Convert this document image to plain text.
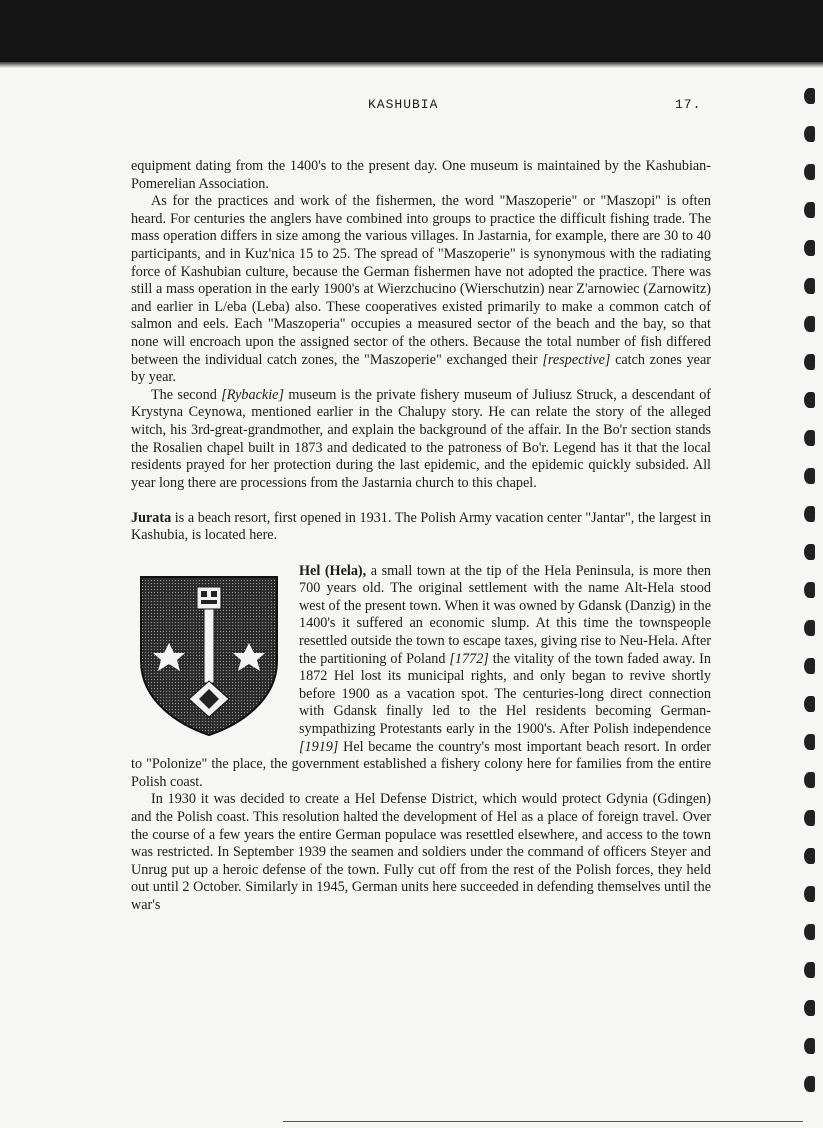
KASHUBIA	17.

equipment dating from the 1400's to the present day. One museum is maintained by the Kashubian-Pomerelian Association.

As for the practices and work of the fishermen, the word "Maszoperie" or "Maszopi" is often heard. For centuries the anglers have combined into groups to practice the difficult fishing trade. The mass operation differs in size among the various villages. In Jastarnia, for example, there are 30 to 40 participants, and in Kuz'nica 15 to 25. The spread of "Maszoperie" is synonymous with the radiating force of Kashubian culture, because the German fishermen have not adopted the practice. There was still a mass operation in the early 1900's at Wierzchucino (Wierschutzin) near Z'arnowiec (Zarnowitz) and earlier in L/eba (Leba) also. These cooperatives existed primarily to make a common catch of salmon and eels. Each "Maszoperia" occupies a measured sector of the beach and the bay, so that none will encroach upon the assigned sector of the others. Because the total number of fish differed between the individual catch zones, the "Maszoperie" exchanged their [respective] catch zones year by year.

The second [Rybackie] museum is the private fishery museum of Juliusz Struck, a descendant of Krystyna Ceynowa, mentioned earlier in the Chalupy story. He can relate the story of the alleged witch, his 3rd-great-grandmother, and explain the background of the affair. In the Bo'r section stands the Rosalien chapel built in 1873 and dedicated to the patroness of Bo'r. Legend has it that the local residents prayed for her protection during the last epidemic, and the epidemic quickly subsided. All year long there are processions from the Jastarnia church to this chapel.

Jurata is a beach resort, first opened in 1931. The Polish Army vacation center "Jantar", the largest in Kashubia, is located here.

Hel (Hela), a small town at the tip of the Hela Peninsula, is more then 700 years old. The original settlement with the name Alt-Hela stood west of the present town. When it was owned by Gdansk (Danzig) in the 1400's it suffered an economic slump. At this time the townspeople resettled outside the town to escape taxes, giving rise to Neu-Hela. After the partitioning of Poland [1772] the vitality of the town faded away. In 1872 Hel lost its municipal rights, and only began to revive shortly before 1900 as a vacation spot. The centuries-long direct connection with Gdansk finally led to the Hel residents becoming German-sympathizing Protestants early in the 1900's. After Polish independence [1919] Hel became the country's most important beach resort. In order to "Polonize" the place, the government established a fishery colony here for families from the entire Polish coast.

In 1930 it was decided to create a Hel Defense District, which would protect Gdynia (Gdingen) and the Polish coast. This resolution halted the development of Hel as a place of foreign travel. Over the course of a few years the entire German populace was resettled elsewhere, and access to the town was restricted. In September 1939 the seamen and soldiers under the command of officers Steyer and Unrug put up a heroic defense of the town. Fully cut off from the rest of the Polish forces, they held out until 2 October. Similarly in 1945, German units here succeeded in defending themselves until the war's
